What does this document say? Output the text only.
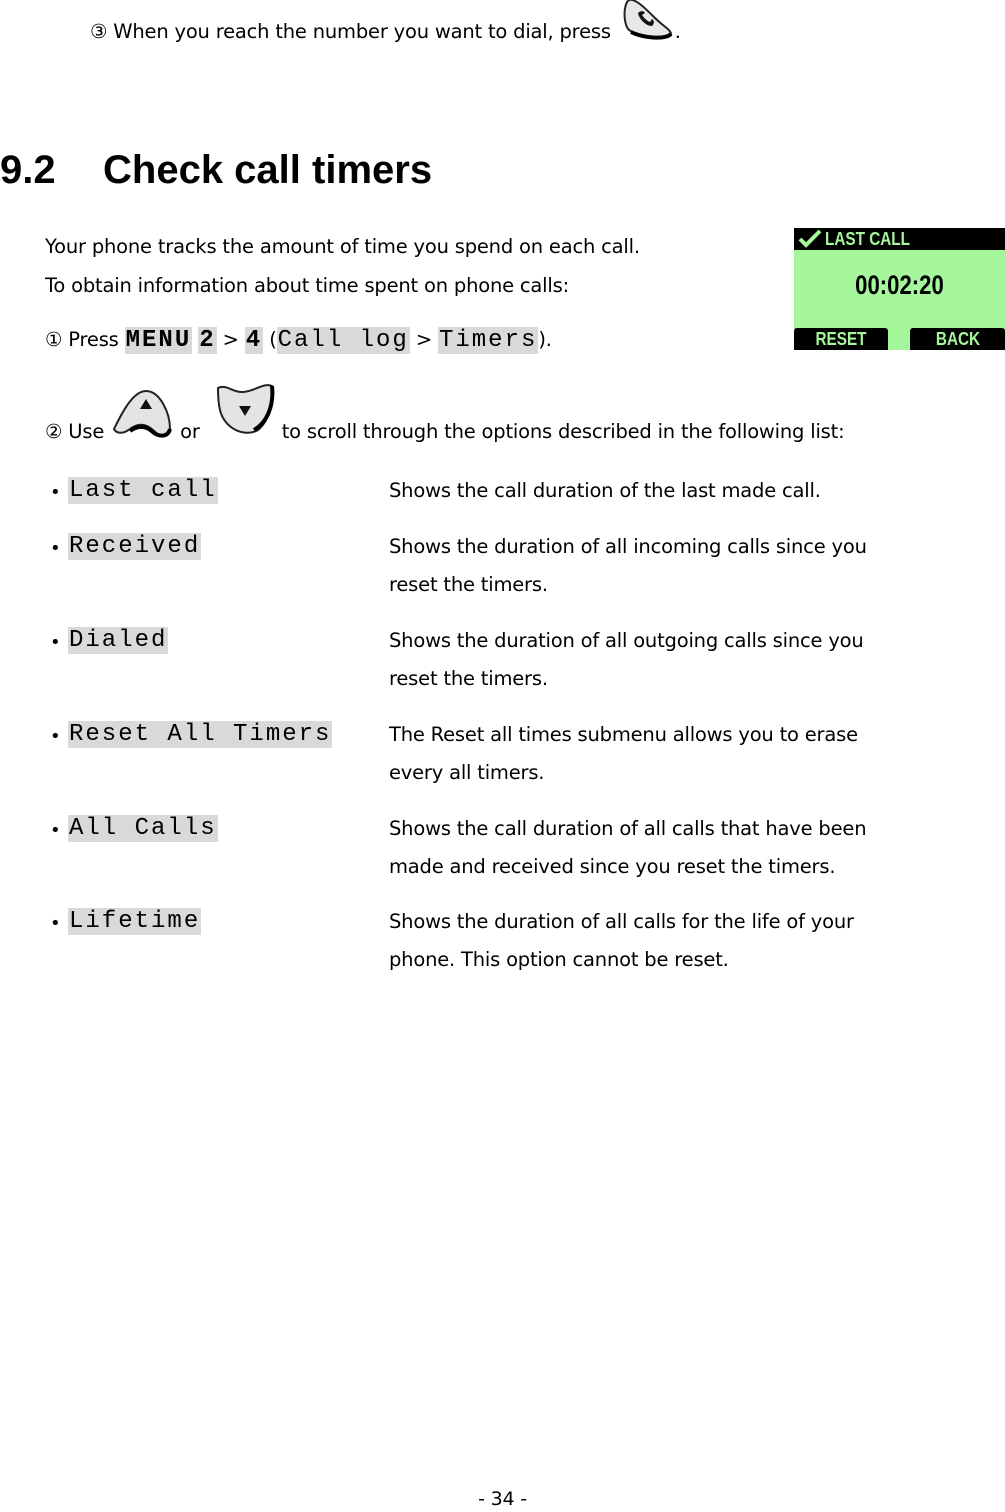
③ When you reach the number you want to dial, press	.
9.2 Check call timers
Your phone tracks the amount of time you spend on each call.
To obtain information about time spent on phone calls:
① Press MENU 2 > 4 (Call log > Timers).
LAST CALL
00:02:20
RESET	BACK
② Use	or	to scroll through the options described in the following list:
• Last call	Shows the call duration of the last made call.
• Received	Shows the duration of all incoming calls since you
reset the timers.
• Dialed	Shows the duration of all outgoing calls since you
reset the timers.
• Reset All Timers	The Reset all times submenu allows you to erase
every all timers.
• All Calls	Shows the call duration of all calls that have been
made and received since you reset the timers.
• Lifetime	Shows the duration of all calls for the life of your
phone. This option cannot be reset.
- 34 -
